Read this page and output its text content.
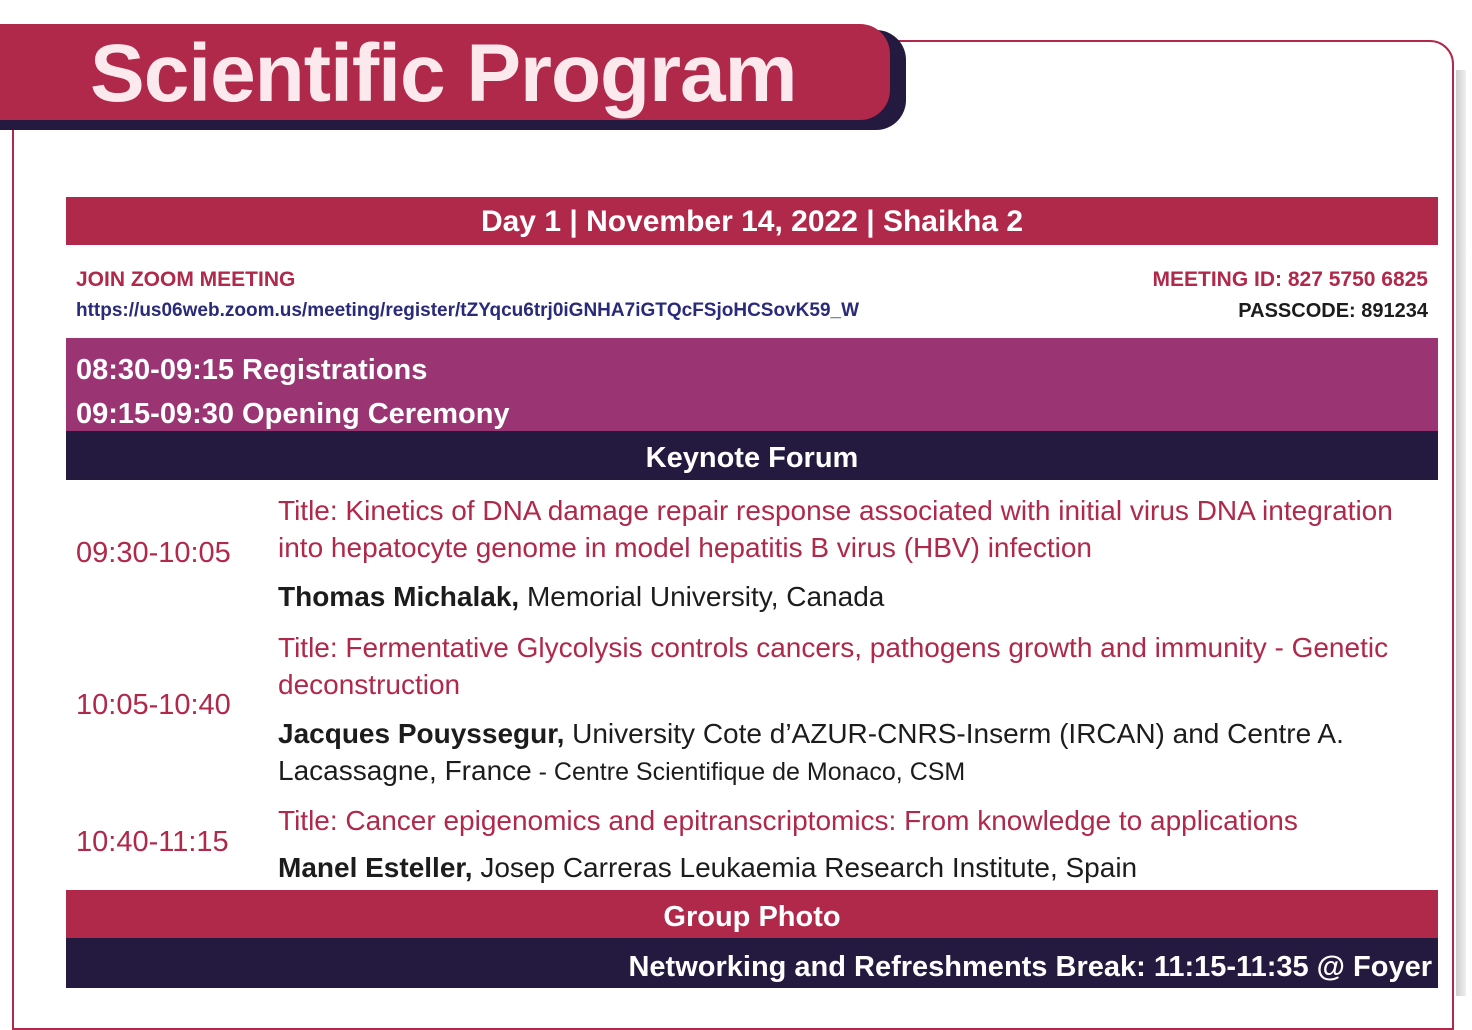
Scientific Program
Day 1 | November 14, 2022 | Shaikha 2
JOIN ZOOM MEETING
https://us06web.zoom.us/meeting/register/tZYqcu6trj0iGNHA7iGTQcFSjoHCSovK59_W
MEETING ID: 827 5750 6825
PASSCODE: 891234
08:30-09:15 Registrations
09:15-09:30 Opening Ceremony
Keynote Forum
09:30-10:05
Title: Kinetics of DNA damage repair response associated with initial virus DNA integration into hepatocyte genome in model hepatitis B virus (HBV) infection
Thomas Michalak, Memorial University, Canada
10:05-10:40
Title: Fermentative Glycolysis controls cancers, pathogens growth and immunity - Genetic deconstruction
Jacques Pouyssegur, University Cote d’AZUR-CNRS-Inserm (IRCAN) and Centre A. Lacassagne, France - Centre Scientifique de Monaco, CSM
10:40-11:15
Title: Cancer epigenomics and epitranscriptomics: From knowledge to applications
Manel Esteller, Josep Carreras Leukaemia Research Institute, Spain
Group Photo
Networking and Refreshments Break: 11:15-11:35 @ Foyer
